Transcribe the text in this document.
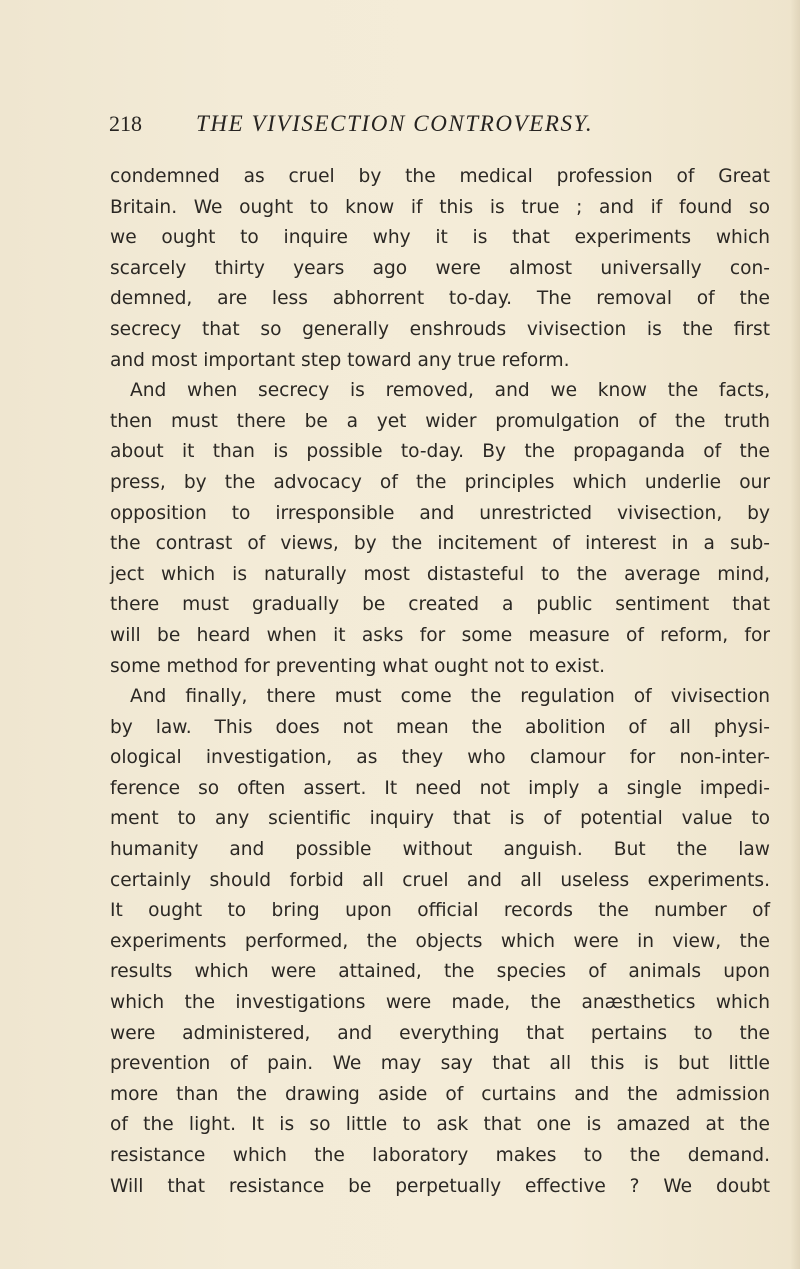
218 THE VIVISECTION CONTROVERSY.
condemned as cruel by the medical profession of Great
Britain. We ought to know if this is true ; and if found so
we ought to inquire why it is that experiments which
scarcely thirty years ago were almost universally con-
demned, are less abhorrent to-day. The removal of the
secrecy that so generally enshrouds vivisection is the first
and most important step toward any true reform.
And when secrecy is removed, and we know the facts,
then must there be a yet wider promulgation of the truth
about it than is possible to-day. By the propaganda of the
press, by the advocacy of the principles which underlie our
opposition to irresponsible and unrestricted vivisection, by
the contrast of views, by the incitement of interest in a sub-
ject which is naturally most distasteful to the average mind,
there must gradually be created a public sentiment that
will be heard when it asks for some measure of reform, for
some method for preventing what ought not to exist.
And finally, there must come the regulation of vivisection
by law. This does not mean the abolition of all physi-
ological investigation, as they who clamour for non-inter-
ference so often assert. It need not imply a single impedi-
ment to any scientific inquiry that is of potential value to
humanity and possible without anguish. But the law
certainly should forbid all cruel and all useless experiments.
It ought to bring upon official records the number of
experiments performed, the objects which were in view, the
results which were attained, the species of animals upon
which the investigations were made, the anæsthetics which
were administered, and everything that pertains to the
prevention of pain. We may say that all this is but little
more than the drawing aside of curtains and the admission
of the light. It is so little to ask that one is amazed at the
resistance which the laboratory makes to the demand.
Will that resistance be perpetually effective ? We doubt
